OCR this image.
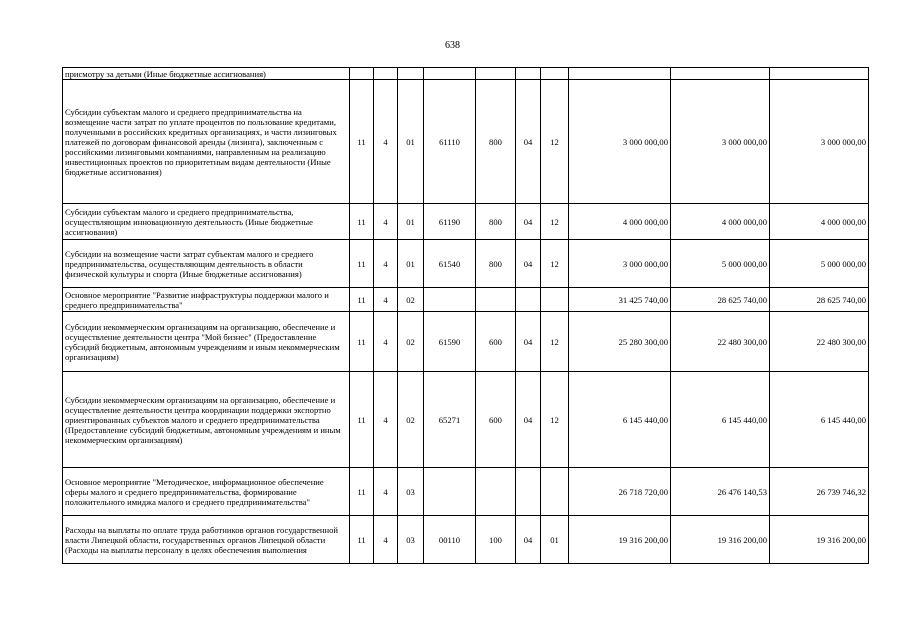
638
присмотру за детьми (Иные бюджетные ассигнования)										
Субсидии субъектам малого и среднего предпринимательства на возмещение части затрат по уплате процентов по пользование кредитами, полученными в российских кредитных организациях, и части лизинговых платежей по договорам финансовой аренды (лизинга), заключенным с российскими лизинговыми компаниями, направленным на реализацию инвестиционных проектов по приоритетным видам деятельности (Иные бюджетные ассигнования)	11	4	01	61110	800	04	12	3 000 000,00	3 000 000,00	3 000 000,00
Субсидии субъектам малого и среднего предпринимательства, осуществляющим инновационную деятельность (Иные бюджетные ассигнования)	11	4	01	61190	800	04	12	4 000 000,00	4 000 000,00	4 000 000,00
Субсидии на возмещение части затрат субъектам малого и среднего предпринимательства, осуществляющим деятельность в области физической культуры и спорта (Иные бюджетные ассигнования)	11	4	01	61540	800	04	12	3 000 000,00	5 000 000,00	5 000 000,00
Основное мероприятие "Развитие инфраструктуры поддержки малого и среднего предпринимательства"	11	4	02					31 425 740,00	28 625 740,00	28 625 740,00
Субсидии некоммерческим организациям на организацию, обеспечение и осуществление деятельности центра "Мой бизнес" (Предоставление субсидий бюджетным, автономным учреждениям и иным некоммерческим организациям)	11	4	02	61590	600	04	12	25 280 300,00	22 480 300,00	22 480 300,00
Субсидии некоммерческим организациям на организацию, обеспечение и осуществление деятельности центра координации поддержки экспортно ориентированных субъектов малого и среднего предпринимательства (Предоставление субсидий бюджетным, автономным учреждениям и иным некоммерческим организациям)	11	4	02	65271	600	04	12	6 145 440,00	6 145 440,00	6 145 440,00
Основное мероприятие "Методическое, информационное обеспечение сферы малого и среднего предпринимательства, формирование положительного имиджа малого и среднего предпринимательства"	11	4	03					26 718 720,00	26 476 140,53	26 739 746,32
Расходы на выплаты по оплате труда работников органов государственной власти Липецкой области, государственных органов Липецкой области (Расходы на выплаты персоналу в целях обеспечения выполнения	11	4	03	00110	100	04	01	19 316 200,00	19 316 200,00	19 316 200,00
